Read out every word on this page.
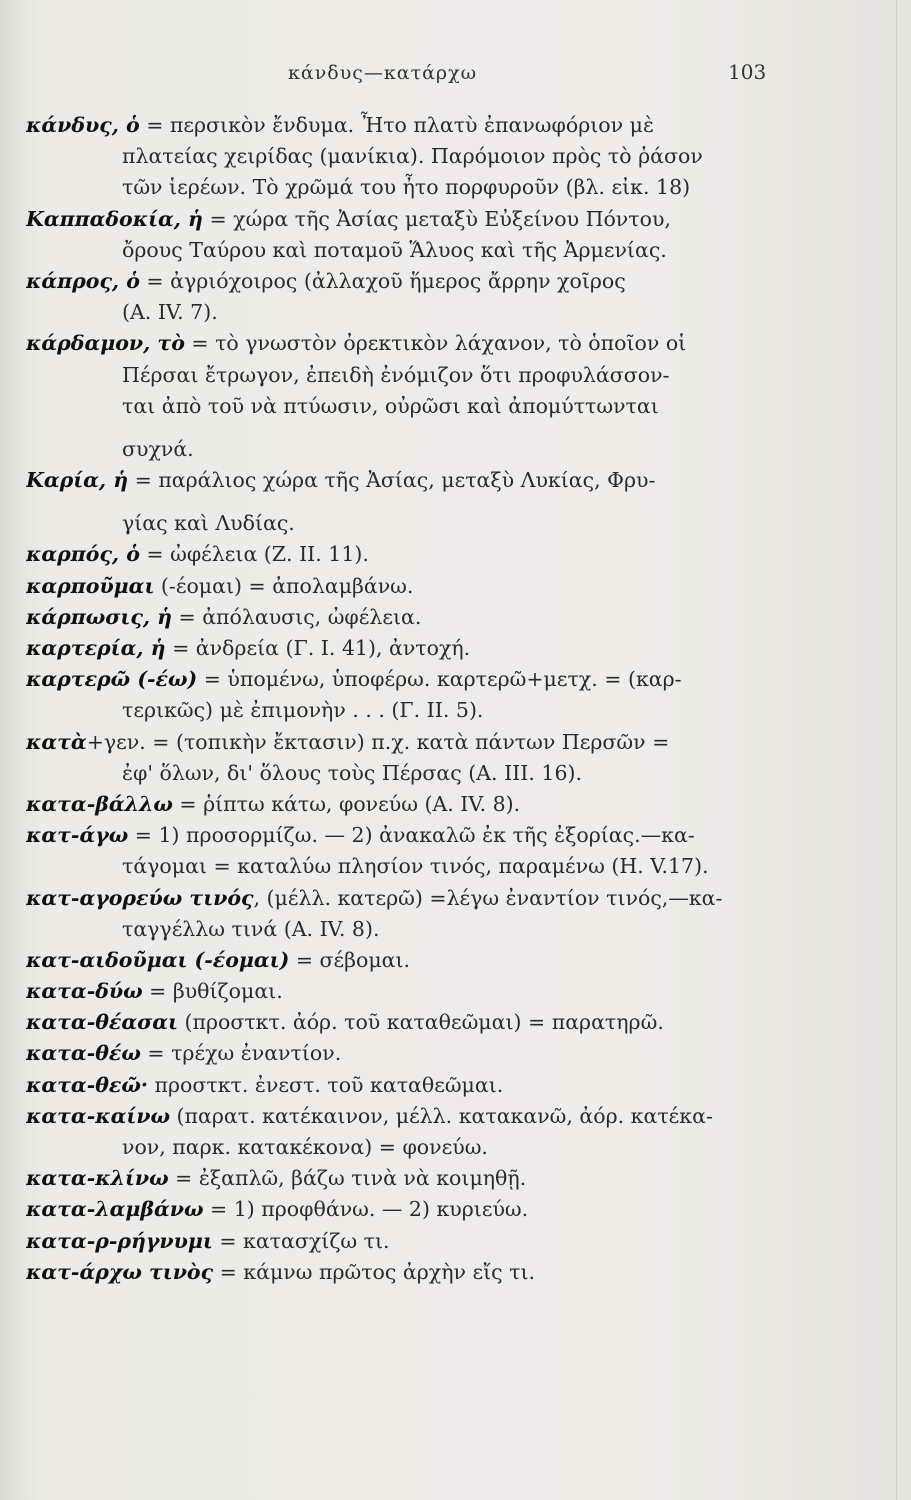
κάνδυς—κατάρχω	103
κάνδυς, ὁ = περσικὸν ἔνδυμα. Ἦτο πλατὺ ἐπανωφόριον μὲ
πλατείας χειρίδας (μανίκια). Παρόμοιον πρὸς τὸ ῥάσον
τῶν ἱερέων. Τὸ χρῶμά του ἦτο πορφυροῦν (βλ. εἰκ. 18)
Καππαδοκία, ἡ = χώρα τῆς Ἀσίας μεταξὺ Εὐξείνου Πόντου,
ὄρους Ταύρου καὶ ποταμοῦ Ἅλυος καὶ τῆς Ἀρμενίας.
κάπρος, ὁ = ἀγριόχοιρος (ἀλλαχοῦ ἥμερος ἄρρην χοῖρος
(Α. IV. 7).
κάρδαμον, τὸ = τὸ γνωστὸν ὀρεκτικὸν λάχανον, τὸ ὁποῖον οἱ
Πέρσαι ἔτρωγον, ἐπειδὴ ἐνόμιζον ὅτι προφυλάσσον-
ται ἀπὸ τοῦ νὰ πτύωσιν, οὐρῶσι καὶ ἀπομύττωνται
συχνά.
Καρία, ἡ = παράλιος χώρα τῆς Ἀσίας, μεταξὺ Λυκίας, Φρυ-
γίας καὶ Λυδίας.
καρπός, ὁ = ὠφέλεια (Ζ. II. 11).
καρποῦμαι (-έομαι) = ἀπολαμβάνω.
κάρπωσις, ἡ = ἀπόλαυσις, ὠφέλεια.
καρτερία, ἡ = ἀνδρεία (Γ. I. 41), ἀντοχή.
καρτερῶ (-έω) = ὑπομένω, ὑποφέρω. καρτερῶ+μετχ. = (καρ-
τερικῶς) μὲ ἐπιμονὴν . . . (Γ. II. 5).
κατὰ+γεν. = (τοπικὴν ἔκτασιν) π.χ. κατὰ πάντων Περσῶν =
ἐφ' ὅλων, δι' ὅλους τοὺς Πέρσας (Α. III. 16).
κατα-βάλλω = ῥίπτω κάτω, φονεύω (Α. IV. 8).
κατ-άγω = 1) προσορμίζω. — 2) ἀνακαλῶ ἐκ τῆς ἐξορίας.—κα-
τάγομαι = καταλύω πλησίον τινός, παραμένω (Η. V.17).
κατ-αγορεύω τινός, (μέλλ. κατερῶ) =λέγω ἐναντίον τινός,—κα-
ταγγέλλω τινά (Α. IV. 8).
κατ-αιδοῦμαι (-έομαι) = σέβομαι.
κατα-δύω = βυθίζομαι.
κατα-θέασαι (προστκτ. ἀόρ. τοῦ καταθεῶμαι) = παρατηρῶ.
κατα-θέω = τρέχω ἐναντίον.
κατα-θεῶ· προστκτ. ἐνεστ. τοῦ καταθεῶμαι.
κατα-καίνω (παρατ. κατέκαινον, μέλλ. κατακανῶ, ἀόρ. κατέκα-
νον, παρκ. κατακέκονα) = φονεύω.
κατα-κλίνω = ἐξαπλῶ, βάζω τινὰ νὰ κοιμηθῇ.
κατα-λαμβάνω = 1) προφθάνω. — 2) κυριεύω.
κατα-ρ-ρήγνυμι = κατασχίζω τι.
κατ-άρχω τινὸς = κάμνω πρῶτος ἀρχὴν εἴς τι.
